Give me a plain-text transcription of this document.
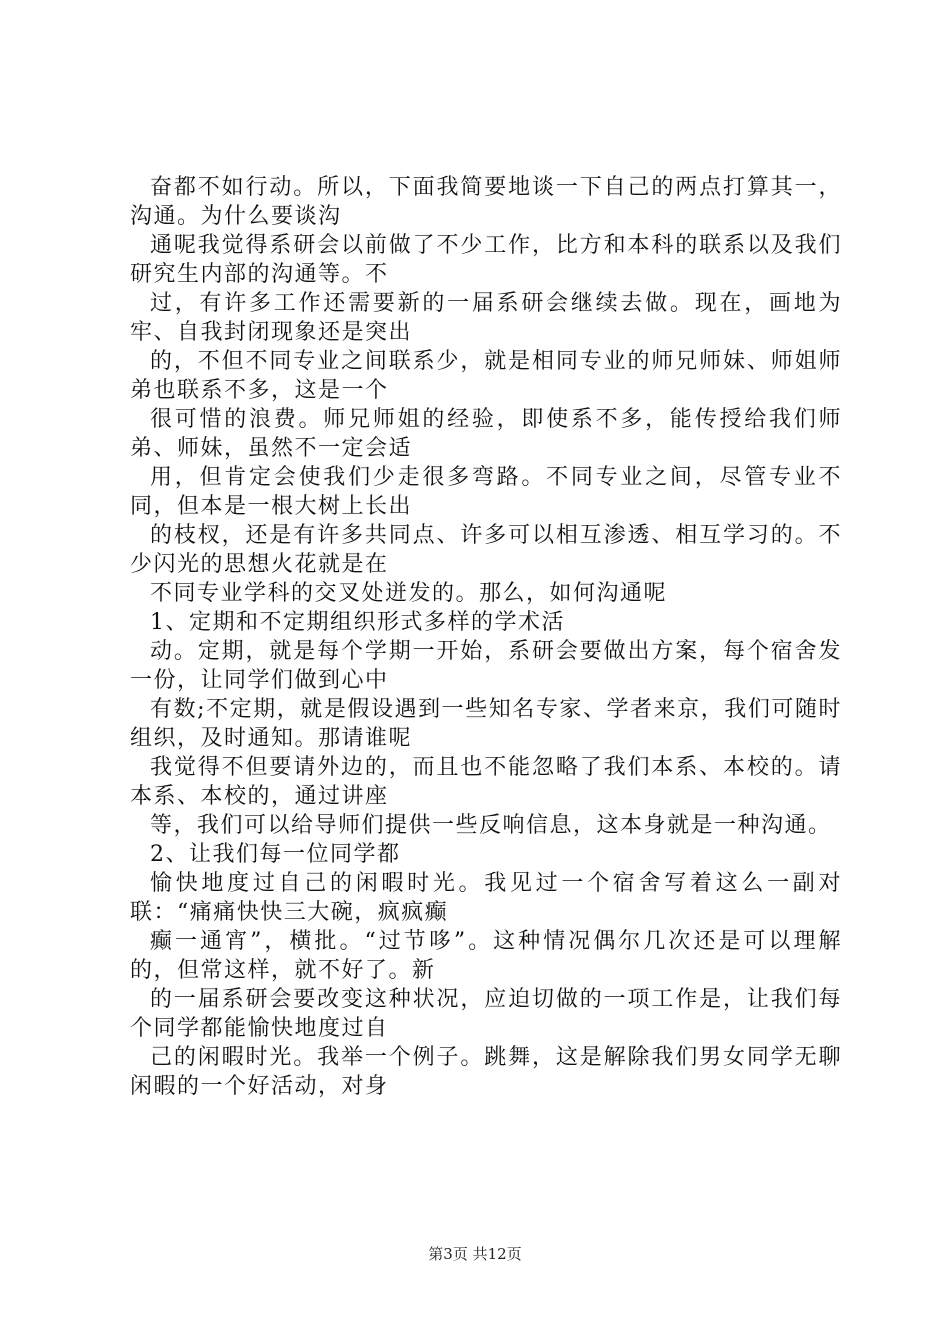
奋都不如行动。所以，下面我简要地谈一下自己的两点打算其一，沟通。为什么要谈沟

通呢我觉得系研会以前做了不少工作，比方和本科的联系以及我们研究生内部的沟通等。不

过，有许多工作还需要新的一届系研会继续去做。现在，画地为牢、自我封闭现象还是突出

的，不但不同专业之间联系少，就是相同专业的师兄师妹、师姐师弟也联系不多，这是一个

很可惜的浪费。师兄师姐的经验，即使系不多，能传授给我们师弟、师妹，虽然不一定会适

用，但肯定会使我们少走很多弯路。不同专业之间，尽管专业不同，但本是一根大树上长出

的枝杈，还是有许多共同点、许多可以相互渗透、相互学习的。不少闪光的思想火花就是在

不同专业学科的交叉处迸发的。那么，如何沟通呢

1、定期和不定期组织形式多样的学术活

动。定期，就是每个学期一开始，系研会要做出方案，每个宿舍发一份，让同学们做到心中

有数;不定期，就是假设遇到一些知名专家、学者来京，我们可随时组织，及时通知。那请谁呢

我觉得不但要请外边的，而且也不能忽略了我们本系、本校的。请本系、本校的，通过讲座

等，我们可以给导师们提供一些反响信息，这本身就是一种沟通。

2、让我们每一位同学都

愉快地度过自己的闲暇时光。我见过一个宿舍写着这么一副对联：“痛痛快快三大碗，疯疯癫

癫一通宵”，横批。“过节哆”。这种情况偶尔几次还是可以理解的，但常这样，就不好了。新

的一届系研会要改变这种状况，应迫切做的一项工作是，让我们每个同学都能愉快地度过自

己的闲暇时光。我举一个例子。跳舞，这是解除我们男女同学无聊闲暇的一个好活动，对身

第3页 共12页
